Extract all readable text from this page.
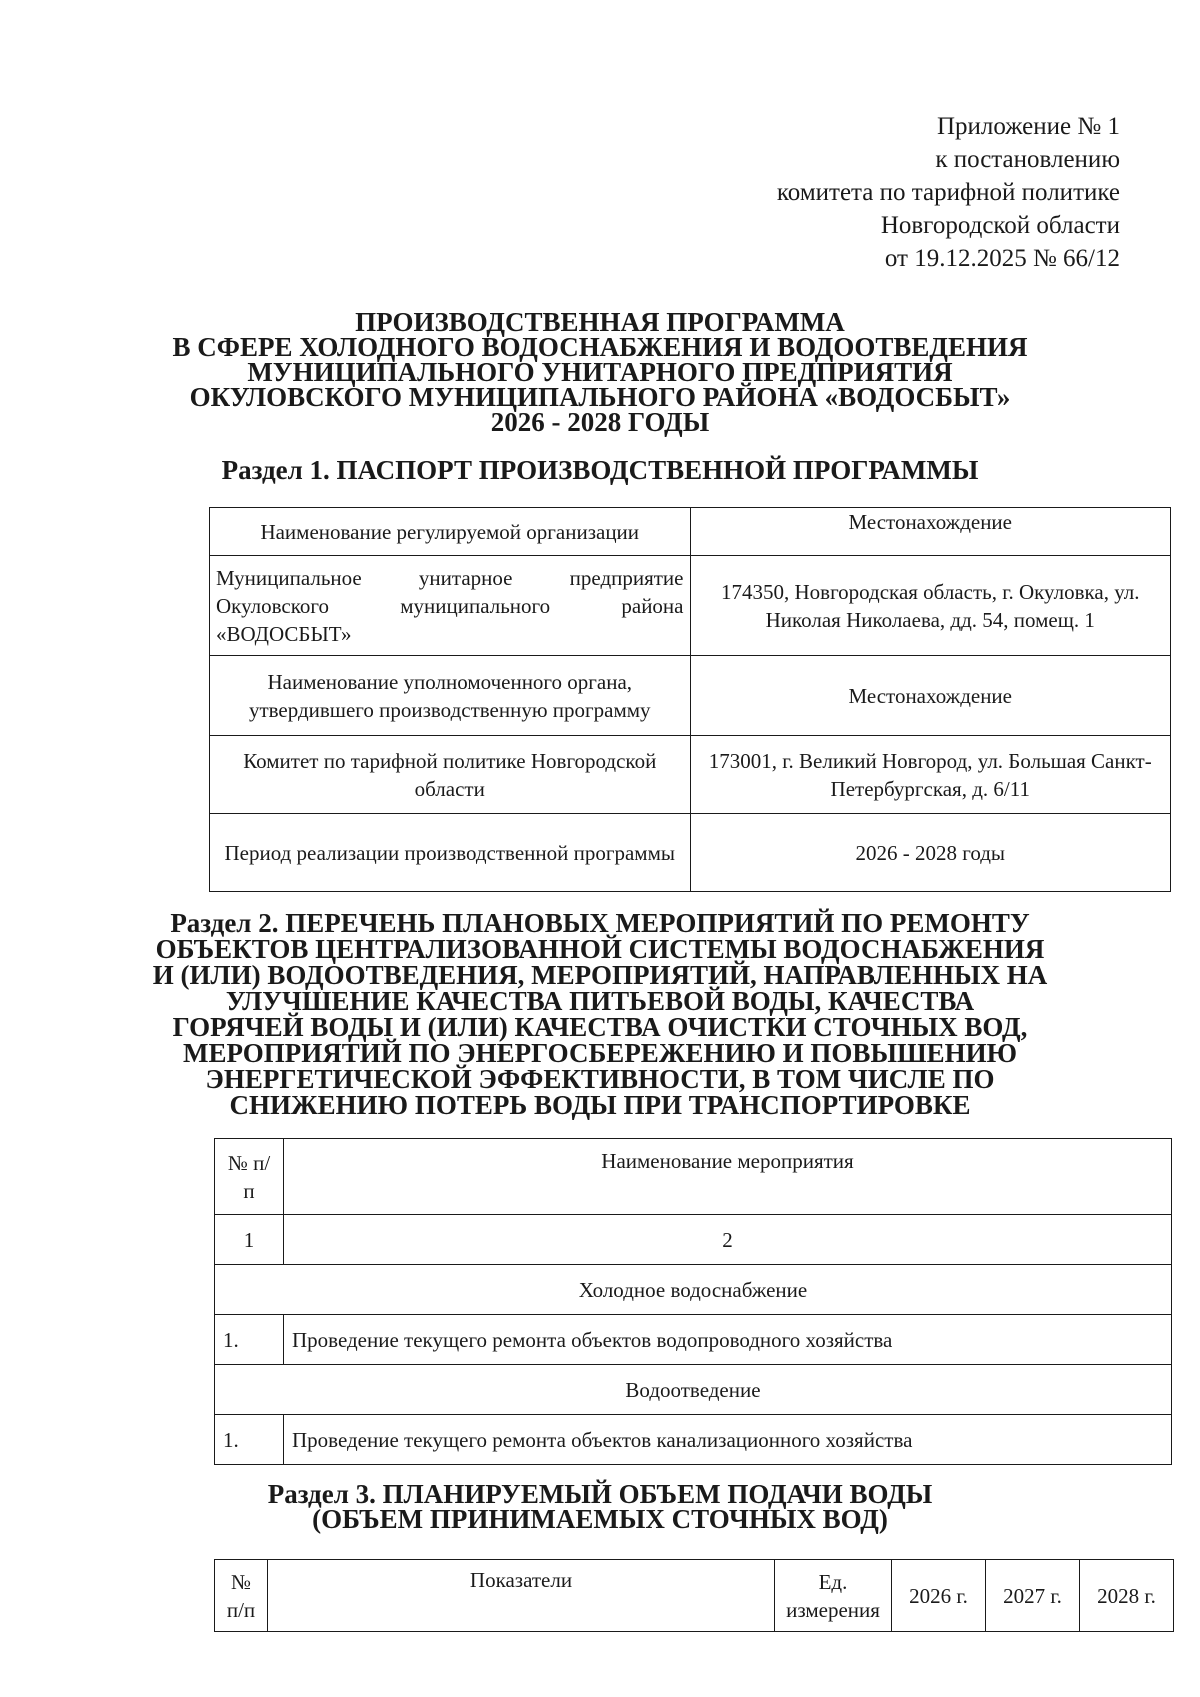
Приложение № 1
к постановлению
комитета по тарифной политике
Новгородской области
от 19.12.2025 № 66/12
ПРОИЗВОДСТВЕННАЯ ПРОГРАММА
В СФЕРЕ ХОЛОДНОГО ВОДОСНАБЖЕНИЯ И ВОДООТВЕДЕНИЯ
МУНИЦИПАЛЬНОГО УНИТАРНОГО ПРЕДПРИЯТИЯ
ОКУЛОВСКОГО МУНИЦИПАЛЬНОГО РАЙОНА «ВОДОСБЫТ»
2026 - 2028 ГОДЫ
Раздел 1. ПАСПОРТ ПРОИЗВОДСТВЕННОЙ ПРОГРАММЫ
Наименование регулируемой организации	Местонахождение
Муниципальное унитарное предприятие Окуловского муниципального района «ВОДОСБЫТ»	174350, Новгородская область, г. Окуловка, ул. Николая Николаева, дд. 54, помещ. 1
Наименование уполномоченного органа, утвердившего производственную программу	Местонахождение
Комитет по тарифной политике Новгородской области	173001, г. Великий Новгород, ул. Большая Санкт-Петербургская, д. 6/11
Период реализации производственной программы	2026 - 2028 годы
Раздел 2. ПЕРЕЧЕНЬ ПЛАНОВЫХ МЕРОПРИЯТИЙ ПО РЕМОНТУ
ОБЪЕКТОВ ЦЕНТРАЛИЗОВАННОЙ СИСТЕМЫ ВОДОСНАБЖЕНИЯ
И (ИЛИ) ВОДООТВЕДЕНИЯ, МЕРОПРИЯТИЙ, НАПРАВЛЕННЫХ НА
УЛУЧШЕНИЕ КАЧЕСТВА ПИТЬЕВОЙ ВОДЫ, КАЧЕСТВА
ГОРЯЧЕЙ ВОДЫ И (ИЛИ) КАЧЕСТВА ОЧИСТКИ СТОЧНЫХ ВОД,
МЕРОПРИЯТИЙ ПО ЭНЕРГОСБЕРЕЖЕНИЮ И ПОВЫШЕНИЮ
ЭНЕРГЕТИЧЕСКОЙ ЭФФЕКТИВНОСТИ, В ТОМ ЧИСЛЕ ПО
СНИЖЕНИЮ ПОТЕРЬ ВОДЫ ПРИ ТРАНСПОРТИРОВКЕ
№ п/п	Наименование мероприятия
1	2
Холодное водоснабжение	
1.	Проведение текущего ремонта объектов водопроводного хозяйства
Водоотведение	
1.	Проведение текущего ремонта объектов канализационного хозяйства
Раздел 3. ПЛАНИРУЕМЫЙ ОБЪЕМ ПОДАЧИ ВОДЫ
(ОБЪЕМ ПРИНИМАЕМЫХ СТОЧНЫХ ВОД)
№ п/п	Показатели	Ед. измерения	2026 г.	2027 г.	2028 г.
